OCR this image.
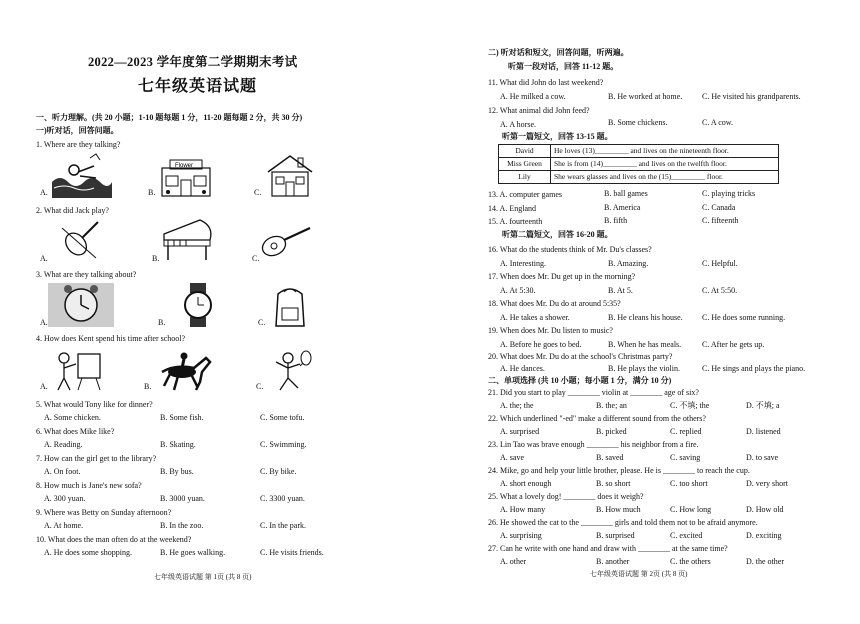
2022—2023 学年度第二学期期末考试
七年级英语试题
一、听力理解。(共 20 小题；1-10 题每题 1 分，11-20 题每题 2 分，共 30 分)
一)听对话，回答问题。
1. Where are they talking?
A.	B.
Flower
C.
2. What did Jack play?
A.	B.	C.
3. What are they talking about?
A.	B.	C.
4. How does Kent spend his time after school?
A.	B.	C.
5. What would Tony like for dinner?
A. Some chicken.	B. Some fish.	C. Some tofu.
6. What does Mike like?
A. Reading.	B. Skating.	C. Swimming.
7. How can the girl get to the library?
A. On foot.	B. By bus.	C. By bike.
8. How much is Jane's new sofa?
A. 300 yuan.	B. 3000 yuan.	C. 3300 yuan.
9. Where was Betty on Sunday afternoon?
A. At home.	B. In the zoo.	C. In the park.
10. What does the man often do at the weekend?
A. He does some shopping.	B. He goes walking.	C. He visits friends.
七年级英语试题 第 1页 (共 8 页)
二) 听对话和短文，回答问题，听两遍。
听第一段对话，回答 11-12 题。
11. What did John do last weekend?
A. He milked a cow.	B. He worked at home. C. He visited his grandparents.
12. What animal did John feed?
A. A horse.	B. Some chickens.	C. A cow.
听第一篇短文，回答 13-15 题。
David	He loves (13)_________ and lives on the nineteenth floor.
Miss Green	She is from (14)_________ and lives on the twelfth floor.
Lily	She wears glasses and lives on the (15)_________ floor.
13. A. computer games	B. ball games	C. playing tricks
14. A. England	B. America	C. Canada
15. A. fourteenth	B. fifth	C. fifteenth
听第二篇短文，回答 16-20 题。
16. What do the students think of Mr. Du's classes?
A. Interesting.	B. Amazing.	C. Helpful.
17. When does Mr. Du get up in the morning?
A. At 5:30.	B. At 5.	C. At 5:50.
18. What does Mr. Du do at around 5:35?
A. He takes a shower.	B. He cleans his house. C. He does some running.
19. When does Mr. Du listen to music?
A. Before he goes to bed.	B. When he has meals.	C. After he gets up.
20. What does Mr. Du do at the school's Christmas party?
A. He dances.	B. He plays the violin.	C. He sings and plays the piano.
二、单项选择 (共 10 小题；每小题 1 分，满分 10 分)
21. Did you start to play ________ violin at ________ age of six?
A. the; the	B. the; an	C. 不填; the	D. 不填; a
22. Which underlined "-ed" make a different sound from the others?
A. surprised	B. picked	C. replied	D. listened
23. Lin Tao was brave enough ________ his neighbor from a fire.
A. save	B. saved	C. saving	D. to save
24. Mike, go and help your little brother, please. He is ________ to reach the cup.
A. short enough	B. so short	C. too short	D. very short
25. What a lovely dog! ________ does it weigh?
A. How many	B. How much	C. How long	D. How old
26. He showed the cat to the ________ girls and told them not to be afraid anymore.
A. surprising	B. surprised	C. excited	D. exciting
27. Can he write with one hand and draw with ________ at the same time?
A. other	B. another	C. the others	D. the other
七年级英语试题 第 2页 (共 8 页)
